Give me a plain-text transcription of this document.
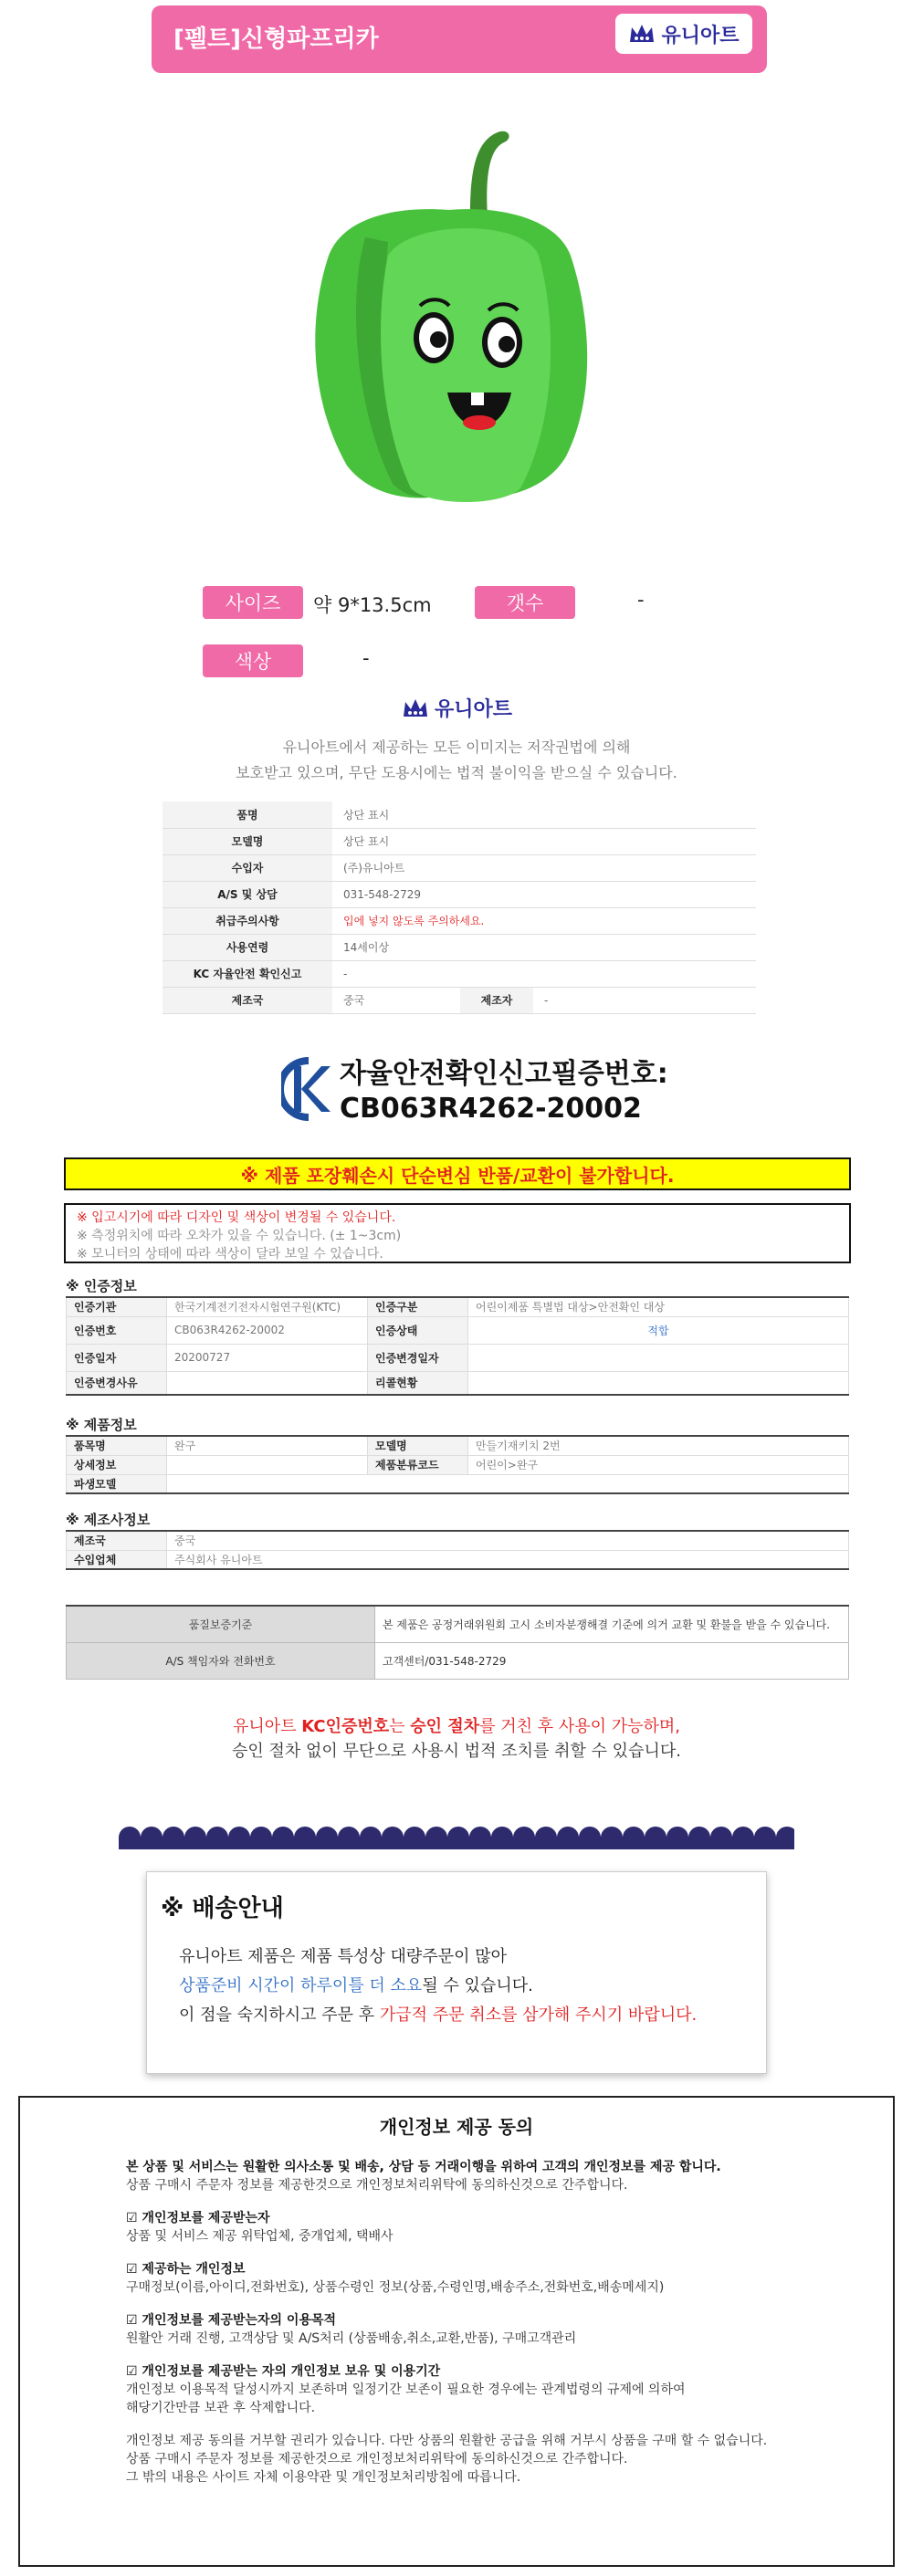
[펠트]신형파프리카	유니아트
사이즈	약 9*13.5cm	갯수	-
색상	-
유니아트
유니아트에서 제공하는 모든 이미지는 저작권법에 의해
보호받고 있으며, 무단 도용시에는 법적 불이익을 받으실 수 있습니다.
품명	상단 표시		
모델명	상단 표시		
수입자	(주)유니아트		
A/S 및 상담	031-548-2729		
취급주의사항	입에 넣지 않도록 주의하세요.		
사용연령	14세이상		
KC 자율안전 확인신고	-		
제조국	중국	제조자	-
자율안전확인신고필증번호:
CB063R4262-20002
※ 제품 포장훼손시 단순변심 반품/교환이 불가합니다.
※ 입고시기에 따라 디자인 및 색상이 변경될 수 있습니다.
※ 측정위치에 따라 오차가 있을 수 있습니다. (± 1~3cm)
※ 모니터의 상태에 따라 색상이 달라 보일 수 있습니다.
※ 인증정보
인증기관	한국기계전기전자시험연구원(KTC)	인증구분	어린이제품 특별법 대상>안전확인 대상
인증번호	CB063R4262-20002	인증상태	적합
인증일자	20200727	인증변경일자	
인증변경사유		리콜현황	
※ 제품정보
품목명	완구	모델명	만들기재키치 2번
상세정보		제품분류코드	어린이>완구
파생모델			
※ 제조사정보
제조국	중국
수입업체	주식회사 유니아트
품질보증기준	본 제품은 공정거래위원회 고시 소비자분쟁해결 기준에 의거 교환 및 환불을 받을 수 있습니다.
A/S 책임자와 전화번호	고객센터/031-548-2729
유니아트 KC인증번호는 승인 절차를 거친 후 사용이 가능하며,
승인 절차 없이 무단으로 사용시 법적 조치를 취할 수 있습니다.
※ 배송안내
유니아트 제품은 제품 특성상 대량주문이 많아
상품준비 시간이 하루이틀 더 소요될 수 있습니다.
이 점을 숙지하시고 주문 후 가급적 주문 취소를 삼가해 주시기 바랍니다.
개인정보 제공 동의

본 상품 및 서비스는 원활한 의사소통 및 배송, 상담 등 거래이행을 위하여 고객의 개인정보를 제공 합니다.
상품 구매시 주문자 정보를 제공한것으로 개인정보처리위탁에 동의하신것으로 간주합니다.

☑ 개인정보를 제공받는자
상품 및 서비스 제공 위탁업체, 중개업체, 택배사

☑ 제공하는 개인정보
구매정보(이름,아이디,전화번호), 상품수령인 정보(상품,수령인명,배송주소,전화번호,배송메세지)

☑ 개인정보를 제공받는자의 이용목적
원활안 거래 진행, 고객상담 및 A/S처리 (상품배송,취소,교환,반품), 구매고객관리

☑ 개인정보를 제공받는 자의 개인정보 보유 및 이용기간
개인정보 이용목적 달성시까지 보존하며 일정기간 보존이 필요한 경우에는 관계법령의 규제에 의하여
해당기간만큼 보관 후 삭제합니다.

개인정보 제공 동의를 거부할 권리가 있습니다. 다만 상품의 원활한 공급을 위해 거부시 상품을 구매 할 수 없습니다.
상품 구매시 주문자 정보를 제공한것으로 개인정보처리위탁에 동의하신것으로 간주합니다.
그 밖의 내용은 사이트 자체 이용약관 및 개인정보처리방침에 따릅니다.
